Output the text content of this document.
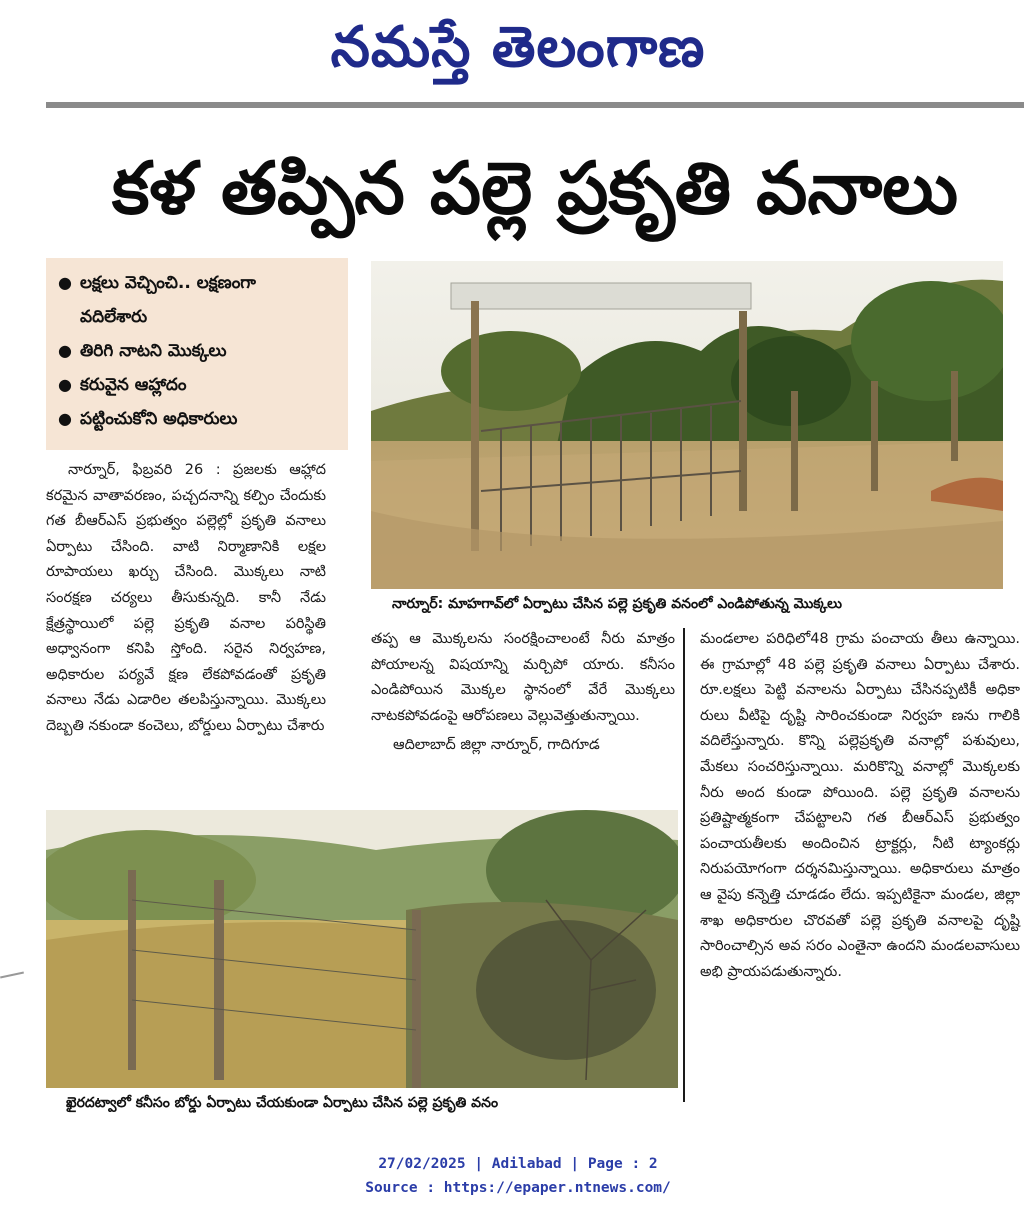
నమస్తే తెలంగాణ
కళ తప్పిన పల్లె ప్రకృతి వనాలు
● లక్షలు వెచ్చించి.. లక్షణంగా
వదిలేశారు
● తిరిగి నాటని మొక్కలు
● కరువైన ఆహ్లాదం
● పట్టించుకోని అధికారులు
నార్నూర్: మాహగావ్‌లో ఏర్పాటు చేసిన పల్లె ప్రకృతి వనంలో ఎండిపోతున్న మొక్కలు

నార్నూర్, ఫిబ్రవరి 26 : ప్రజలకు ఆహ్లాద కరమైన వాతావరణం, పచ్చదనాన్ని కల్పిం చేందుకు గత బీఆర్ఎస్ ప్రభుత్వం పల్లెల్లో ప్రకృతి వనాలు ఏర్పాటు చేసింది. వాటి నిర్మాణానికి లక్షల రూపాయలు ఖర్చు చేసింది. మొక్కలు నాటి సంరక్షణ చర్యలు తీసుకున్నది. కానీ నేడు క్షేత్రస్థాయిలో పల్లె ప్రకృతి వనాల పరిస్థితి అధ్వానంగా కనిపి స్తోంది. సరైన నిర్వహణ, అధికారుల పర్యవే క్షణ లేకపోవడంతో ప్రకృతి వనాలు నేడు ఎడారిల తలపిస్తున్నాయి. మొక్కలు దెబ్బతి నకుండా కంచెలు, బోర్డులు ఏర్పాటు చేశారు

తప్ప ఆ మొక్కలను సంరక్షించాలంటే నీరు మాత్రం పోయాలన్న విషయాన్ని మర్చిపో యారు. కనీసం ఎండిపోయిన మొక్కల స్థానంలో వేరే మొక్కలు నాటకపోవడంపై ఆరోపణలు వెల్లువెత్తుతున్నాయి.

ఆదిలాబాద్ జిల్లా నార్నూర్, గాదిగూడ

మండలాల పరిధిలో48 గ్రామ పంచాయ తీలు ఉన్నాయి. ఈ గ్రామాల్లో 48 పల్లె ప్రకృతి వనాలు ఏర్పాటు చేశారు. రూ.లక్షలు పెట్టి వనాలను ఏర్పాటు చేసినప్పటికీ అధికా రులు వీటిపై దృష్టి సారించకుండా నిర్వహ ణను గాలికి వదిలేస్తున్నారు. కొన్ని పల్లెప్రకృతి వనాల్లో పశువులు, మేకలు సంచరిస్తున్నాయి. మరికొన్ని వనాల్లో మొక్కలకు నీరు అంద కుండా పోయింది. పల్లె ప్రకృతి వనాలను ప్రతిష్టాత్మకంగా చేపట్టాలని గత బీఆర్ఎస్ ప్రభుత్వం పంచాయతీలకు అందించిన ట్రాక్టర్లు, నీటి ట్యాంకర్లు నిరుపయోగంగా దర్శనమిస్తున్నాయి. అధికారులు మాత్రం ఆ వైపు కన్నెత్తి చూడడం లేదు. ఇప్పటికైనా మండల, జిల్లా శాఖ అధికారుల చొరవతో పల్లె ప్రకృతి వనాలపై దృష్టి సారించాల్సిన అవ సరం ఎంతైనా ఉందని మండలవాసులు అభి ప్రాయపడుతున్నారు.

ఖైరదట్వాలో కనీసం బోర్డు ఏర్పాటు చేయకుండా ఏర్పాటు చేసిన పల్లె ప్రకృతి వనం
27/02/2025 | Adilabad | Page : 2
Source : https://epaper.ntnews.com/
